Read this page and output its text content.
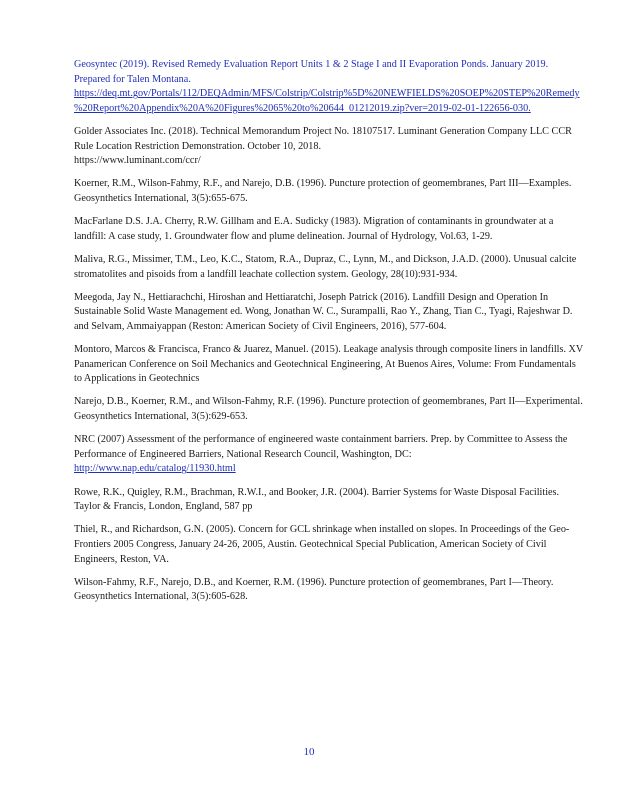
Geosyntec (2019). Revised Remedy Evaluation Report Units 1 & 2 Stage I and II Evaporation Ponds. January 2019. Prepared for Talen Montana.
https://deq.mt.gov/Portals/112/DEQAdmin/MFS/Colstrip/Colstrip%5D%20NEWFIELDS%20SOEP%20STEP%20Remedy%20Report%20Appendix%20A%20Figures%2065%20to%20644_01212019.zip?ver=2019-02-01-122656-030.

Golder Associates Inc. (2018). Technical Memorandum Project No. 18107517. Luminant Generation Company LLC CCR Rule Location Restriction Demonstration. October 10, 2018.
https://www.luminant.com/ccr/

Koerner, R.M., Wilson-Fahmy, R.F., and Narejo, D.B. (1996). Puncture protection of geomembranes, Part III—Examples. Geosynthetics International, 3(5):655-675.

MacFarlane D.S. J.A. Cherry, R.W. Gillham and E.A. Sudicky (1983). Migration of contaminants in groundwater at a landfill: A case study, 1. Groundwater flow and plume delineation. Journal of Hydrology, Vol.63, 1-29.

Maliva, R.G., Missimer, T.M., Leo, K.C., Statom, R.A., Dupraz, C., Lynn, M., and Dickson, J.A.D. (2000). Unusual calcite stromatolites and pisoids from a landfill leachate collection system. Geology, 28(10):931-934.

Meegoda, Jay N., Hettiarachchi, Hiroshan and Hettiaratchi, Joseph Patrick (2016). Landfill Design and Operation In Sustainable Solid Waste Management ed. Wong, Jonathan W. C., Surampalli, Rao Y., Zhang, Tian C., Tyagi, Rajeshwar D. and Selvam, Ammaiyappan (Reston: American Society of Civil Engineers, 2016), 577-604.

Montoro, Marcos & Francisca, Franco & Juarez, Manuel. (2015). Leakage analysis through composite liners in landfills. XV Panamerican Conference on Soil Mechanics and Geotechnical Engineering, At Buenos Aires, Volume: From Fundamentals to Applications in Geotechnics

Narejo, D.B., Koerner, R.M., and Wilson-Fahmy, R.F. (1996). Puncture protection of geomembranes, Part II—Experimental. Geosynthetics International, 3(5):629-653.

NRC (2007) Assessment of the performance of engineered waste containment barriers. Prep. by Committee to Assess the Performance of Engineered Barriers, National Research Council, Washington, DC:
http://www.nap.edu/catalog/11930.html

Rowe, R.K., Quigley, R.M., Brachman, R.W.I., and Booker, J.R. (2004). Barrier Systems for Waste Disposal Facilities. Taylor & Francis, London, England, 587 pp

Thiel, R., and Richardson, G.N. (2005). Concern for GCL shrinkage when installed on slopes. In Proceedings of the Geo-Frontiers 2005 Congress, January 24-26, 2005, Austin. Geotechnical Special Publication, American Society of Civil Engineers, Reston, VA.

Wilson-Fahmy, R.F., Narejo, D.B., and Koerner, R.M. (1996). Puncture protection of geomembranes, Part I—Theory. Geosynthetics International, 3(5):605-628.

10
